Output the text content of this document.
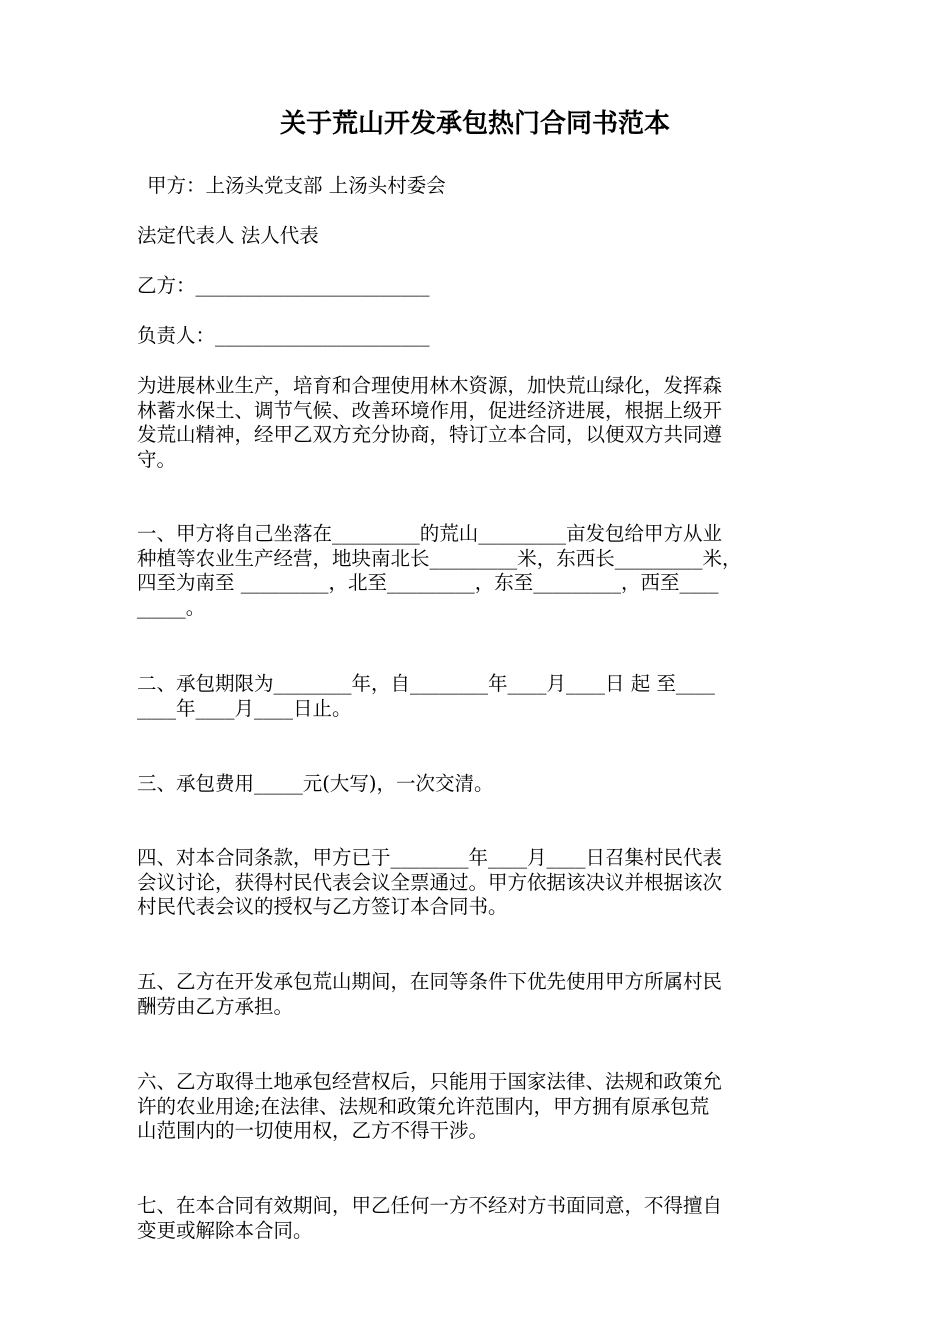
关于荒山开发承包热门合同书范本
甲方：上汤头党支部 上汤头村委会
法定代表人 法人代表
乙方：________________________
负责人：______________________
为进展林业生产，培育和合理使用林木资源，加快荒山绿化，发挥森
林蓄水保土、调节气候、改善环境作用，促进经济进展，根据上级开
发荒山精神，经甲乙双方充分协商，特订立本合同，以便双方共同遵
守。
一、甲方将自己坐落在_________的荒山_________亩发包给甲方从业
种植等农业生产经营，地块南北长_________米，东西长_________米，
四至为南至 _________，北至_________，东至_________，西至____
_____。
二、承包期限为________年，自________年____月____日 起 至____
____年____月____日止。
三、承包费用_____元(大写)，一次交清。
四、对本合同条款，甲方已于________年____月____日召集村民代表
会议讨论，获得村民代表会议全票通过。甲方依据该决议并根据该次
村民代表会议的授权与乙方签订本合同书。
五、乙方在开发承包荒山期间，在同等条件下优先使用甲方所属村民
酬劳由乙方承担。
六、乙方取得土地承包经营权后，只能用于国家法律、法规和政策允
许的农业用途;在法律、法规和政策允许范围内，甲方拥有原承包荒
山范围内的一切使用权，乙方不得干涉。
七、在本合同有效期间，甲乙任何一方不经对方书面同意，不得擅自
变更或解除本合同。
